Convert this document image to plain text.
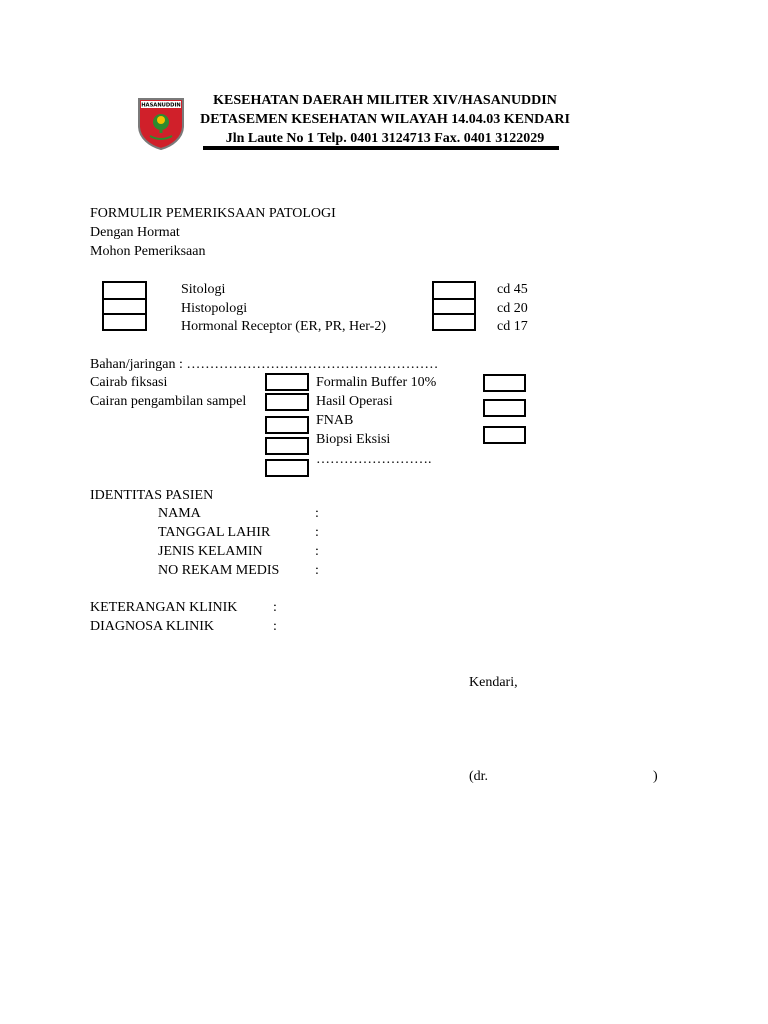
HASANUDDIN	KESEHATAN DAERAH MILITER XIV/HASANUDDIN
DETASEMEN KESEHATAN WILAYAH 14.04.03 KENDARI
Jln Laute No 1 Telp. 0401 3124713 Fax. 0401 3122029
FORMULIR PEMERIKSAAN PATOLOGI
Dengan Hormat
Mohon Pemeriksaan
Sitologi
Histopologi
Hormonal Receptor (ER, PR, Her-2)
cd 45
cd 20
cd 17
Bahan/jaringan : ………………………………………………
Cairab fiksasi
Cairan pengambilan sampel
Formalin Buffer 10%
Hasil Operasi
FNAB
Biopsi Eksisi
…………………….
IDENTITAS PASIEN
NAMA
TANGGAL LAHIR
JENIS KELAMIN
NO REKAM MEDIS
:
:
:
:
KETERANGAN KLINIK
DIAGNOSA KLINIK
:
:
Kendari,
(dr.	)
